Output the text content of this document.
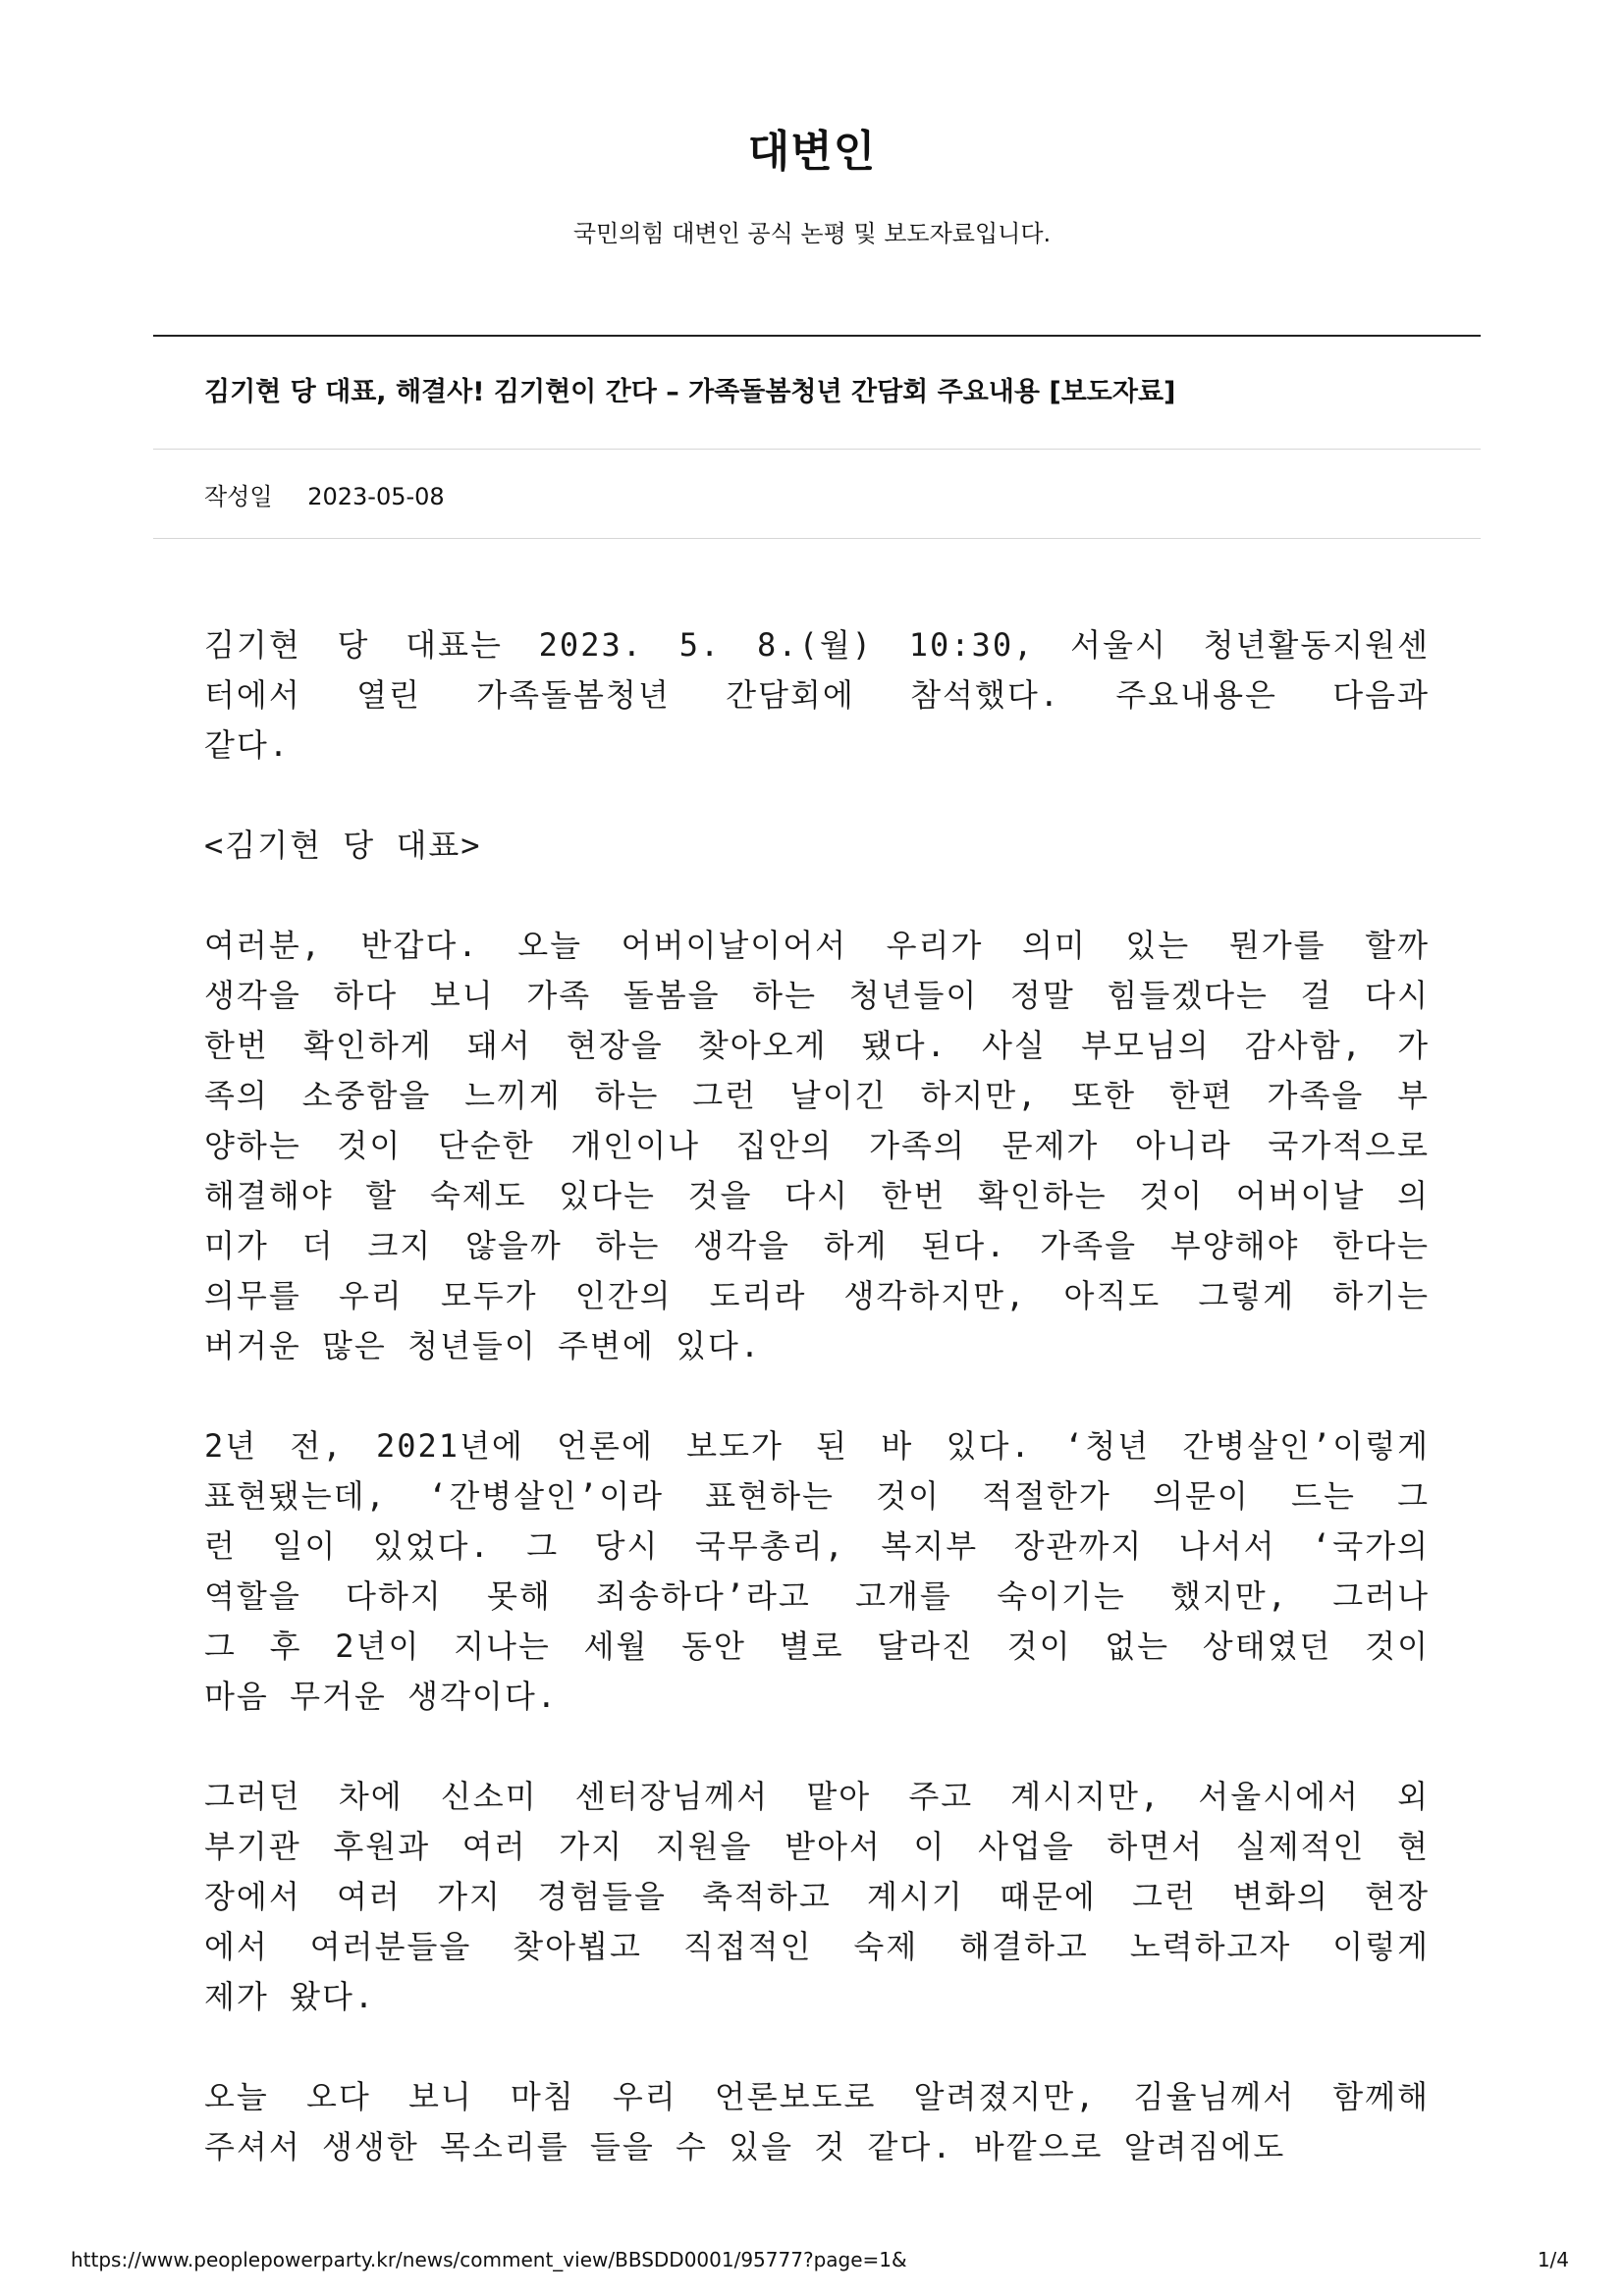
대변인
국민의힘 대변인 공식 논평 및 보도자료입니다.
김기현 당 대표, 해결사! 김기현이 간다 – 가족돌봄청년 간담회 주요내용 [보도자료]
작성일 2023-05-08
김기현 당 대표는 2023. 5. 8.(월) 10:30, 서울시 청년활동지원센
터에서 열린 가족돌봄청년 간담회에 참석했다. 주요내용은 다음과
같다.
<김기현 당 대표>
여러분, 반갑다. 오늘 어버이날이어서 우리가 의미 있는 뭔가를 할까
생각을 하다 보니 가족 돌봄을 하는 청년들이 정말 힘들겠다는 걸 다시
한번 확인하게 돼서 현장을 찾아오게 됐다. 사실 부모님의 감사함, 가
족의 소중함을 느끼게 하는 그런 날이긴 하지만, 또한 한편 가족을 부
양하는 것이 단순한 개인이나 집안의 가족의 문제가 아니라 국가적으로
해결해야 할 숙제도 있다는 것을 다시 한번 확인하는 것이 어버이날 의
미가 더 크지 않을까 하는 생각을 하게 된다. 가족을 부양해야 한다는
의무를 우리 모두가 인간의 도리라 생각하지만, 아직도 그렇게 하기는
버거운 많은 청년들이 주변에 있다.
2년 전, 2021년에 언론에 보도가 된 바 있다. ‘청년 간병살인’이렇게
표현됐는데, ‘간병살인’이라 표현하는 것이 적절한가 의문이 드는 그
런 일이 있었다. 그 당시 국무총리, 복지부 장관까지 나서서 ‘국가의
역할을 다하지 못해 죄송하다’라고 고개를 숙이기는 했지만, 그러나
그 후 2년이 지나는 세월 동안 별로 달라진 것이 없는 상태였던 것이
마음 무거운 생각이다.
그러던 차에 신소미 센터장님께서 맡아 주고 계시지만, 서울시에서 외
부기관 후원과 여러 가지 지원을 받아서 이 사업을 하면서 실제적인 현
장에서 여러 가지 경험들을 축적하고 계시기 때문에 그런 변화의 현장
에서 여러분들을 찾아뵙고 직접적인 숙제 해결하고 노력하고자 이렇게
제가 왔다.
오늘 오다 보니 마침 우리 언론보도로 알려졌지만, 김율님께서 함께해
주셔서 생생한 목소리를 들을 수 있을 것 같다. 바깥으로 알려짐에도
https://www.peoplepowerparty.kr/news/comment_view/BBSDD0001/95777?page=1&	1/4
